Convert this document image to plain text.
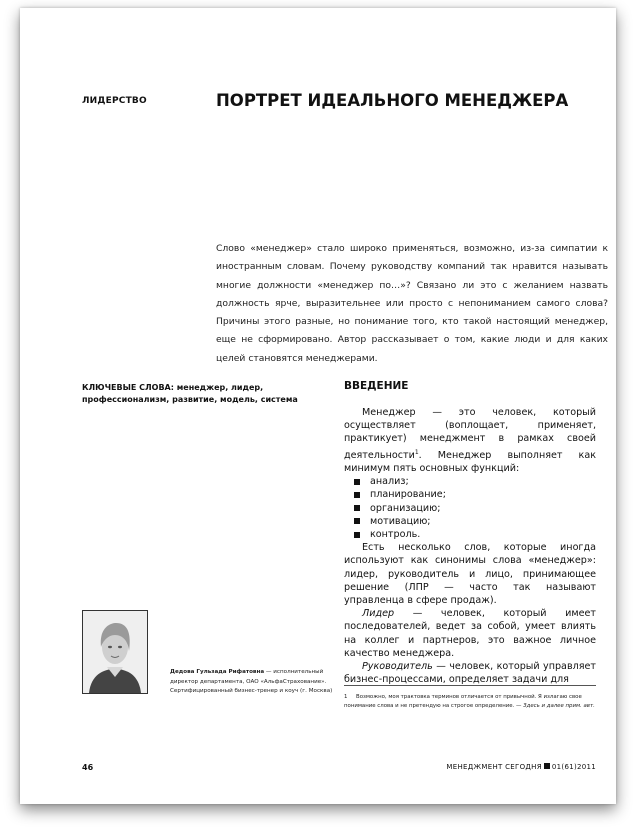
ЛИДЕРСТВО	ПОРТРЕТ ИДЕАЛЬНОГО МЕНЕДЖЕРА
Слово «менеджер» стало широко применяться, возможно, из-за симпатии к иностранным словам. Почему руководству компаний так нравится называть многие должности «менеджер по…»? Связано ли это с желанием назвать должность ярче, выразительнее или просто с непониманием самого слова? Причины этого разные, но понимание того, кто такой настоящий менеджер, еще не сформировано. Автор рассказывает о том, какие люди и для каких целей становятся менеджерами.
КЛЮЧЕВЫЕ СЛОВА: менеджер, лидер, профессионализм, развитие, модель, система
ВВЕДЕНИЕ

Менеджер — это человек, который осуществляет (воплощает, применяет, практикует) менеджмент в рамках своей деятельности$^1$. Менеджер выполняет как минимум пять основных функций:

анализ;
планирование;
организацию;
мотивацию;
контроль.

Есть несколько слов, которые иногда используют как синонимы слова «менеджер»: лидер, руководитель и лицо, принимающее решение (ЛПР — часто так называют управленца в сфере продаж).

Лидер — человек, который имеет последователей, ведет за собой, умеет влиять на коллег и партнеров, это важное личное качество менеджера.

Руководитель — человек, который управляет бизнес-процессами, определяет задачи для

1 Возможно, моя трактовка терминов отличается от привычной. Я излагаю свое понимание слова и не претендую на строгое определение. — Здесь и далее прим. авт.
Дедова Гульзада Рифатовна — исполнительный директор департамента, ОАО «АльфаСтрахование». Сертифицированный бизнес-тренер и коуч (г. Москва)
46	МЕНЕДЖМЕНТ СЕГОДНЯ 01(61)2011
